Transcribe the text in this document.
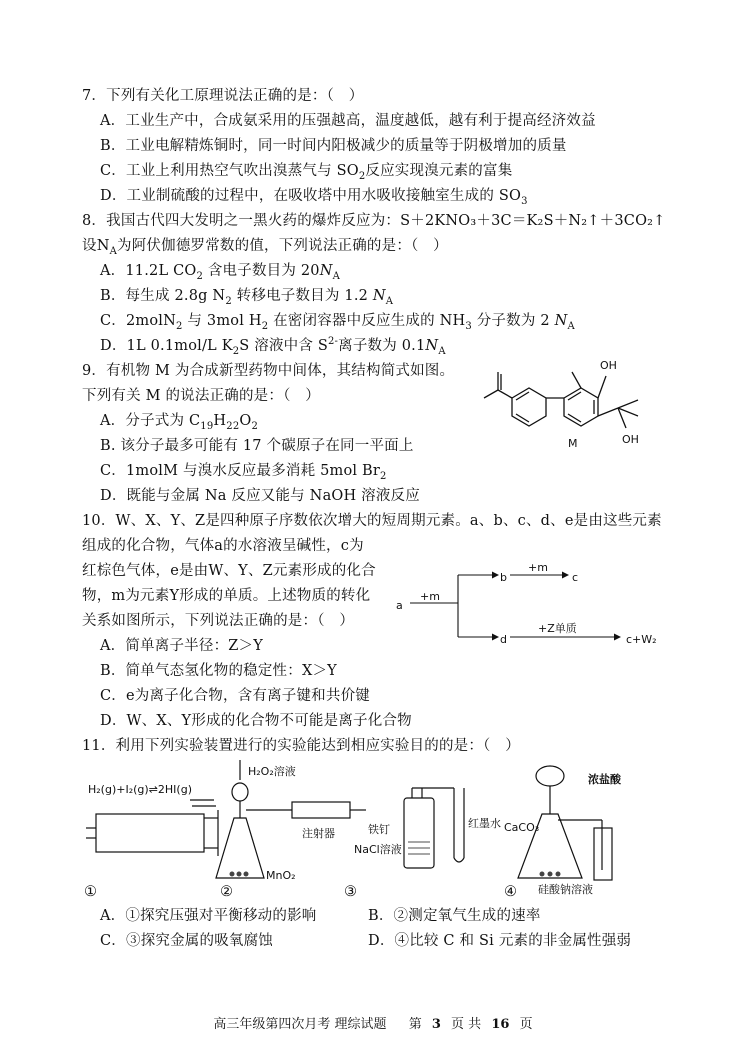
7．下列有关化工原理说法正确的是：（　）
A．工业生产中，合成氨采用的压强越高，温度越低，越有利于提高经济效益
B．工业电解精炼铜时，同一时间内阳极减少的质量等于阴极增加的质量
C．工业上利用热空气吹出溴蒸气与 $SO_2$反应实现溴元素的富集
D．工业制硫酸的过程中，在吸收塔中用水吸收接触室生成的 $SO_3$
8．我国古代四大发明之一黑火药的爆炸反应为：S＋2KNO₃＋3C＝K₂S＋N₂↑＋3CO₂↑
设$N_A$为阿伏伽德罗常数的值，下列说法正确的是：（　）
A．11.2L $CO_2$ 含电子数目为 $20N_A$
B．每生成 2.8g $N_2$ 转移电子数目为 1.2 $N_A$
C．2molN$_2$ 与 3mol $H_2$ 在密闭容器中反应生成的 $NH_3$ 分子数为 2 $N_A$
D．1L 0.1mol/L $K_2S$ 溶液中含 $S^{2-}$离子数为 $0.1N_A$
9．有机物 M 为合成新型药物中间体，其结构简式如图。
下列有关 M 的说法正确的是：（　）
A．分子式为 $C_{19}H_{22}O_2$
B. 该分子最多可能有 17 个碳原子在同一平面上
C．1molM 与溴水反应最多消耗 5mol $Br_2$
D．既能与金属 Na 反应又能与 NaOH 溶液反应
OH
OH
M
10．W、X、Y、Z是四种原子序数依次增大的短周期元素。a、b、c、d、e是由这些元素
组成的化合物，气体a的水溶液呈碱性，c为
红棕色气体，e是由W、Y、Z元素形成的化合
物，m为元素Y形成的单质。上述物质的转化
关系如图所示，下列说法正确的是：（　）
A．简单离子半径：Z＞Y
B．简单气态氢化物的稳定性：X＞Y
C．e为离子化合物，含有离子键和共价键
D．W、X、Y形成的化合物不可能是离子化合物
a
+m
b
+m
c
d
+Z单质
c+W₂
11．利用下列实验装置进行的实验能达到相应实验目的的是：（　）
H₂(g)+I₂(g)⇌2HI(g)
H₂O₂溶液
注射器
MnO₂
铁钉
NaCl溶液
红墨水
浓盐酸
CaCO₃
硅酸钠溶液
①	②	③	④
A．①探究压强对平衡移动的影响	B．②测定氧气生成的速率
C．③探究金属的吸氧腐蚀	D．④比较 C 和 Si 元素的非金属性强弱
高三年级第四次月考 理综试题 第 3 页 共 16 页
